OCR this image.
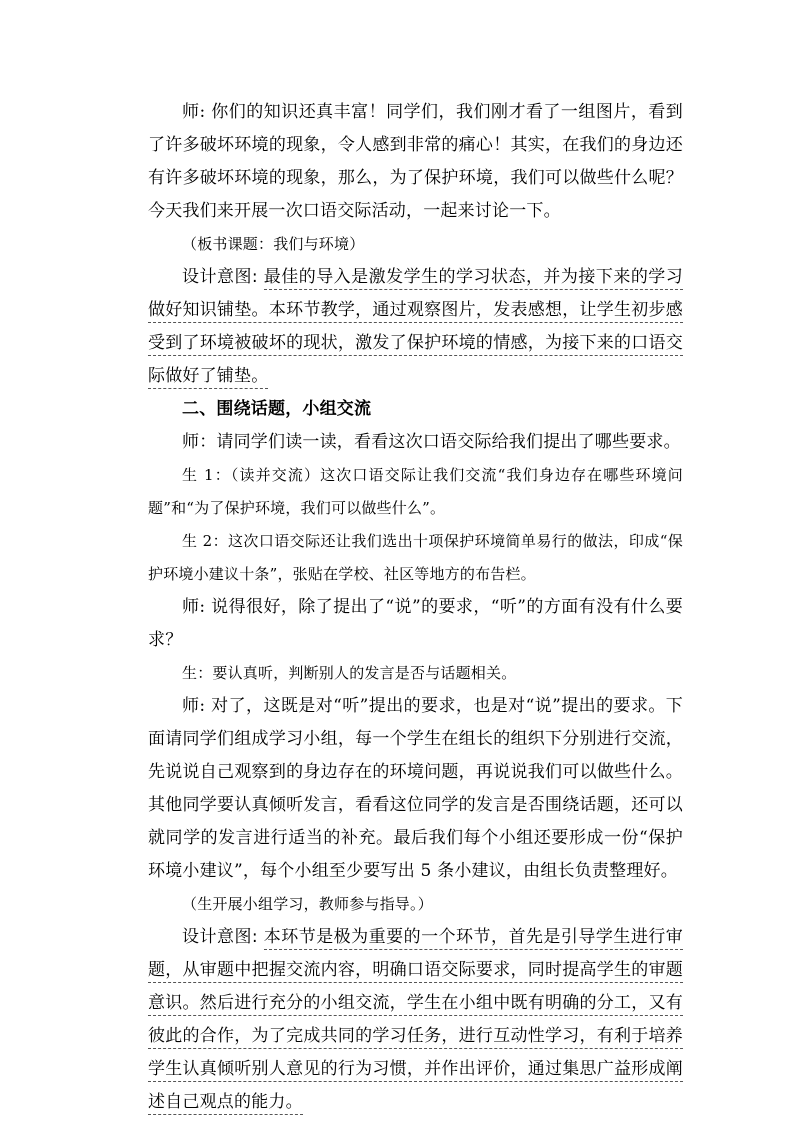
师: 你们的知识还真丰富！同学们，我们刚才看了一组图片，看到了许多破坏环境的现象，令人感到非常的痛心！其实，在我们的身边还有许多破坏环境的现象，那么，为了保护环境，我们可以做些什么呢？今天我们来开展一次口语交际活动，一起来讨论一下。

（板书课题：我们与环境）

设计意图: 最佳的导入是激发学生的学习状态，并为接下来的学习做好知识铺垫。本环节教学，通过观察图片，发表感想，让学生初步感受到了环境被破坏的现状，激发了保护环境的情感，为接下来的口语交际做好了铺垫。

二、围绕话题，小组交流

师：请同学们读一读，看看这次口语交际给我们提出了哪些要求。

生 1：（读并交流）这次口语交际让我们交流“我们身边存在哪些环境问题”和“为了保护环境，我们可以做些什么”。

生 2：这次口语交际还让我们选出十项保护环境简单易行的做法，印成“保护环境小建议十条”，张贴在学校、社区等地方的布告栏。

师: 说得很好，除了提出了“说”的要求，“听”的方面有没有什么要求？

生：要认真听，判断别人的发言是否与话题相关。

师: 对了，这既是对“听”提出的要求，也是对“说”提出的要求。下面请同学们组成学习小组，每一个学生在组长的组织下分别进行交流，先说说自己观察到的身边存在的环境问题，再说说我们可以做些什么。其他同学要认真倾听发言，看看这位同学的发言是否围绕话题，还可以就同学的发言进行适当的补充。最后我们每个小组还要形成一份“保护环境小建议”，每个小组至少要写出 5 条小建议，由组长负责整理好。

（生开展小组学习，教师参与指导。）

设计意图: 本环节是极为重要的一个环节，首先是引导学生进行审题，从审题中把握交流内容，明确口语交际要求，同时提高学生的审题意识。然后进行充分的小组交流，学生在小组中既有明确的分工，又有彼此的合作，为了完成共同的学习任务，进行互动性学习，有利于培养学生认真倾听别人意见的行为习惯，并作出评价，通过集思广益形成阐述自己观点的能力。
